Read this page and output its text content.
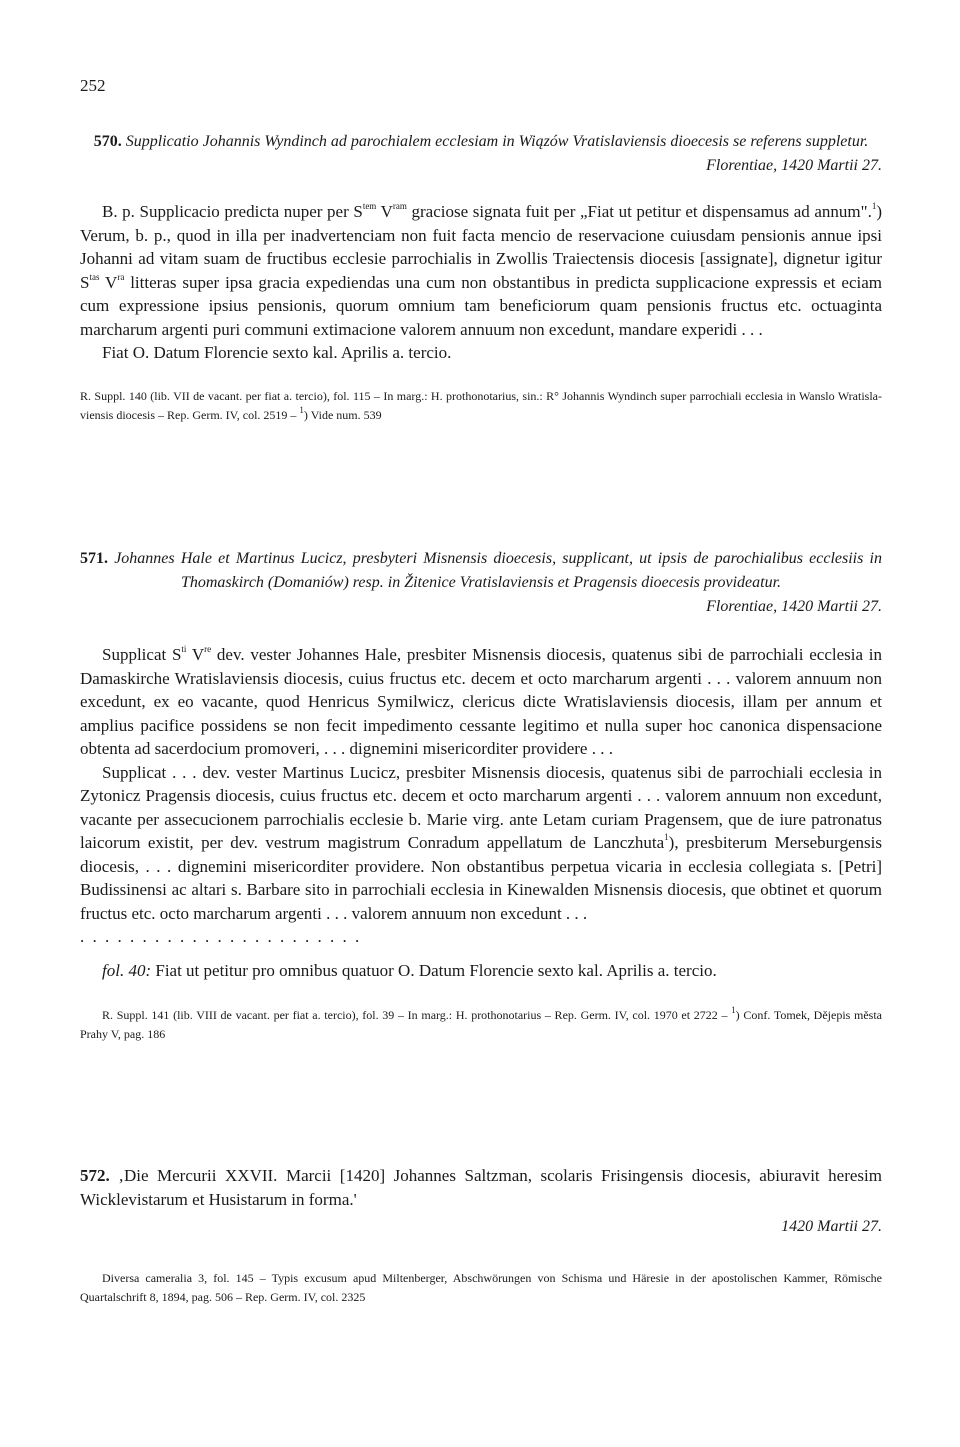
252
570. Supplicatio Johannis Wyndinch ad parochialem ecclesiam in Wiązów Vratislaviensis dioecesis se referens suppletur.
Florentiae, 1420 Martii 27.

B. p. Supplicacio predicta nuper per $S^{tem}$ $V^{ram}$ graciose signata fuit per „Fiat ut petitur et dispensamus ad annum".$^1$) Verum, b. p., quod in illa per inadvertenciam non fuit facta mencio de reservacione cuiusdam pensionis annue ipsi Johanni ad vitam suam de fructibus ecclesie parrochialis in Zwollis Traiectensis diocesis [assignate], dignetur igitur $S^{tas}$ $V^{ra}$ litteras super ipsa gracia expediendas una cum non obstantibus in predicta supplicacione expressis et eciam cum expressione ipsius pensionis, quorum omnium tam beneficiorum quam pensionis fructus etc. octuaginta marcharum argenti puri communi extimacione valorem annuum non excedunt, mandare experidi . . .

Fiat O. Datum Florencie sexto kal. Aprilis a. tercio.

R. Suppl. 140 (lib. VII de vacant. per fiat a. tercio), fol. 115 – In marg.: H. prothonotarius, sin.: R° Johannis Wyndinch super parrochiali ecclesia in Wanslo Wratislaviensis diocesis – Rep. Germ. IV, col. 2519 – $^1$) Vide num. 539
571. Johannes Hale et Martinus Lucicz, presbyteri Misnensis dioecesis, supplicant, ut ipsis de parochialibus ecclesiis in Thomaskirch (Domaniów) resp. in Žitenice Vratislaviensis et Pragensis dioecesis provideatur.
Florentiae, 1420 Martii 27.

Supplicat $S^{ti}$ Vre dev. vester Johannes Hale, presbiter Misnensis diocesis, quatenus sibi de parrochiali ecclesia in Damaskirche Wratislaviensis diocesis, cuius fructus etc. decem et octo marcharum argenti . . . valorem annuum non excedunt, ex eo vacante, quod Henricus Symilwicz, clericus dicte Wratislaviensis diocesis, illam per annum et amplius pacifice possidens se non fecit impedimento cessante legitimo et nulla super hoc canonica dispensacione obtenta ad sacerdocium promoveri, . . . dignemini misericorditer providere . . .

Supplicat . . . dev. vester Martinus Lucicz, presbiter Misnensis diocesis, quatenus sibi de parrochiali ecclesia in Zytonicz Pragensis diocesis, cuius fructus etc. decem et octo marcharum argenti . . . valorem annuum non excedunt, vacante per assecucionem parrochialis ecclesie b. Marie virg. ante Letam curiam Pragensem, que de iure patronatus laicorum existit, per dev. vestrum magistrum Conradum appellatum de Lanczhuta$^1$), presbiterum Merseburgensis diocesis, . . . dignemini misericorditer providere. Non obstantibus perpetua vicaria in ecclesia collegiata s. [Petri] Budissinensi ac altari s. Barbare sito in parrochiali ecclesia in Kinewalden Misnensis diocesis, que obtinet et quorum fructus etc. octo marcharum argenti . . . valorem annuum non excedunt . . .

. . . . . . . . . . . . . . . . . . . . . . .

fol. 40: Fiat ut petitur pro omnibus quatuor O. Datum Florencie sexto kal. Aprilis a. tercio.

R. Suppl. 141 (lib. VIII de vacant. per fiat a. tercio), fol. 39 – In marg.: H. prothonotarius – Rep. Germ. IV, col. 1970 et 2722 – $^1$) Conf. Tomek, Dějepis města Prahy V, pag. 186

572. ‚Die Mercurii XXVII. Marcii [1420] Johannes Saltzman, scolaris Frisingensis diocesis, abiuravit heresim Wicklevistarum et Husistarum in forma.'

1420 Martii 27.
Diversa cameralia 3, fol. 145 – Typis excusum apud Miltenberger, Abschwörungen von Schisma und Häresie in der apostolischen Kammer, Römische Quartalschrift 8, 1894, pag. 506 – Rep. Germ. IV, col. 2325
